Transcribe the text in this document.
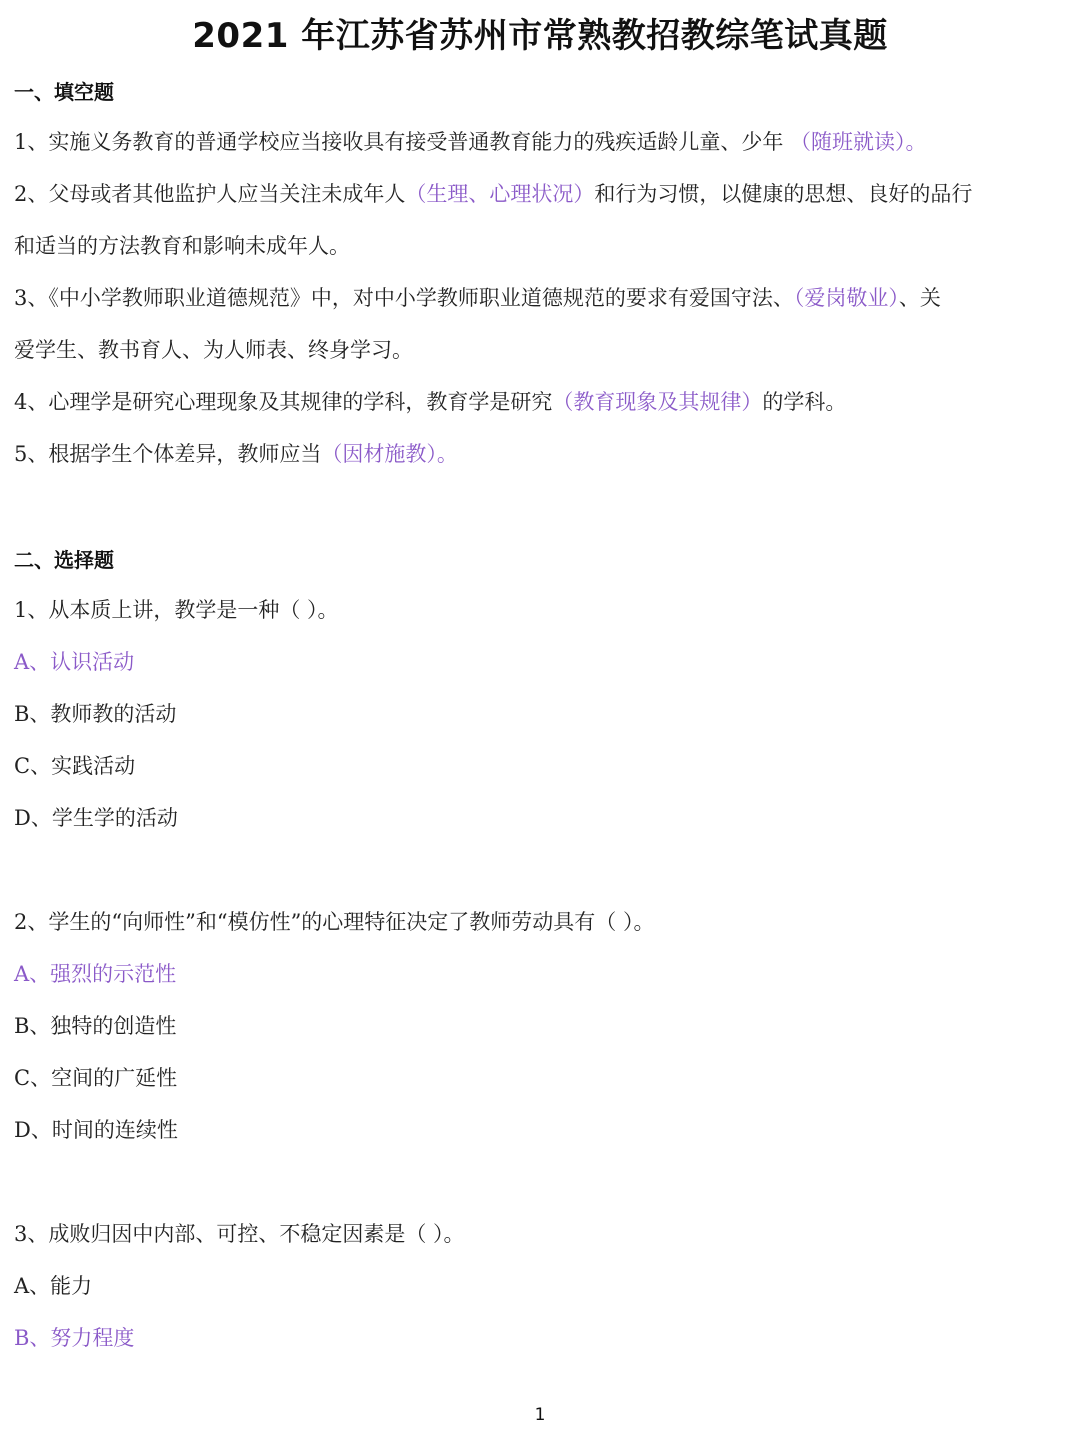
2021 年江苏省苏州市常熟教招教综笔试真题
一、填空题
1、实施义务教育的普通学校应当接收具有接受普通教育能力的残疾适龄儿童、少年 （随班就读）。
2、父母或者其他监护人应当关注未成年人（生理、心理状况）和行为习惯，以健康的思想、良好的品行
和适当的方法教育和影响未成年人。
3、《中小学教师职业道德规范》中，对中小学教师职业道德规范的要求有爱国守法、（爱岗敬业）、关
爱学生、教书育人、为人师表、终身学习。
4、心理学是研究心理现象及其规律的学科，教育学是研究（教育现象及其规律）的学科。
5、根据学生个体差异，教师应当（因材施教）。
二、选择题
1、从本质上讲，教学是一种（ ）。
A、认识活动
B、教师教的活动
C、实践活动
D、学生学的活动
2、学生的“向师性”和“模仿性”的心理特征决定了教师劳动具有（ ）。
A、强烈的示范性
B、独特的创造性
C、空间的广延性
D、时间的连续性
3、成败归因中内部、可控、不稳定因素是（ ）。
A、能力
B、努力程度
1
